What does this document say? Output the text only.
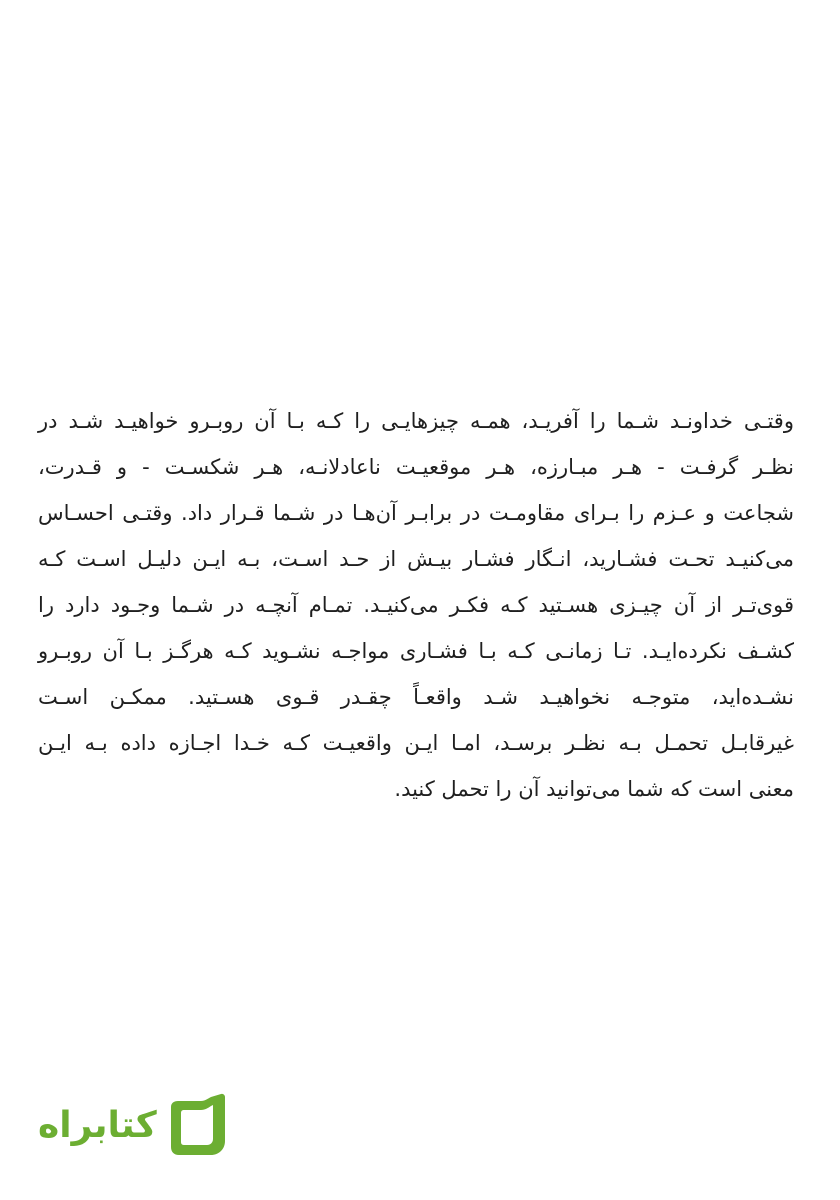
وقتـی خداونـد شـما را آفریـد، همـه چیزهایـی را کـه بـا آن روبـرو خواهیـد شـد در
نظـر گرفـت - هـر مبـارزه، هـر موقعیـت ناعادلانـه، هـر شکسـت - و قـدرت،
شجاعت و عـزم را بـرای مقاومـت در برابـر آن‌هـا در شـما قـرار داد. وقتـی احسـاس
می‌کنیـد تحـت فشـارید، انـگار فشـار بیـش از حـد اسـت، بـه ایـن دلیـل اسـت کـه
قوی‌تـر از آن چیـزی هسـتید کـه فکـر می‌کنیـد. تمـام آنچـه در شـما وجـود دارد را
کشـف نکرده‌ایـد. تـا زمانـی کـه بـا فشـاری مواجـه نشـوید کـه هرگـز بـا آن روبـرو
نشـده‌اید، متوجـه نخواهیـد شـد واقعـاً چقـدر قـوی هسـتید. ممکـن اسـت
غیرقابـل تحمـل بـه نظـر برسـد، امـا ایـن واقعیـت کـه خـدا اجـازه داده بـه ایـن
معنی است که شما می‌توانید آن را تحمل کنید.
کتابراه
